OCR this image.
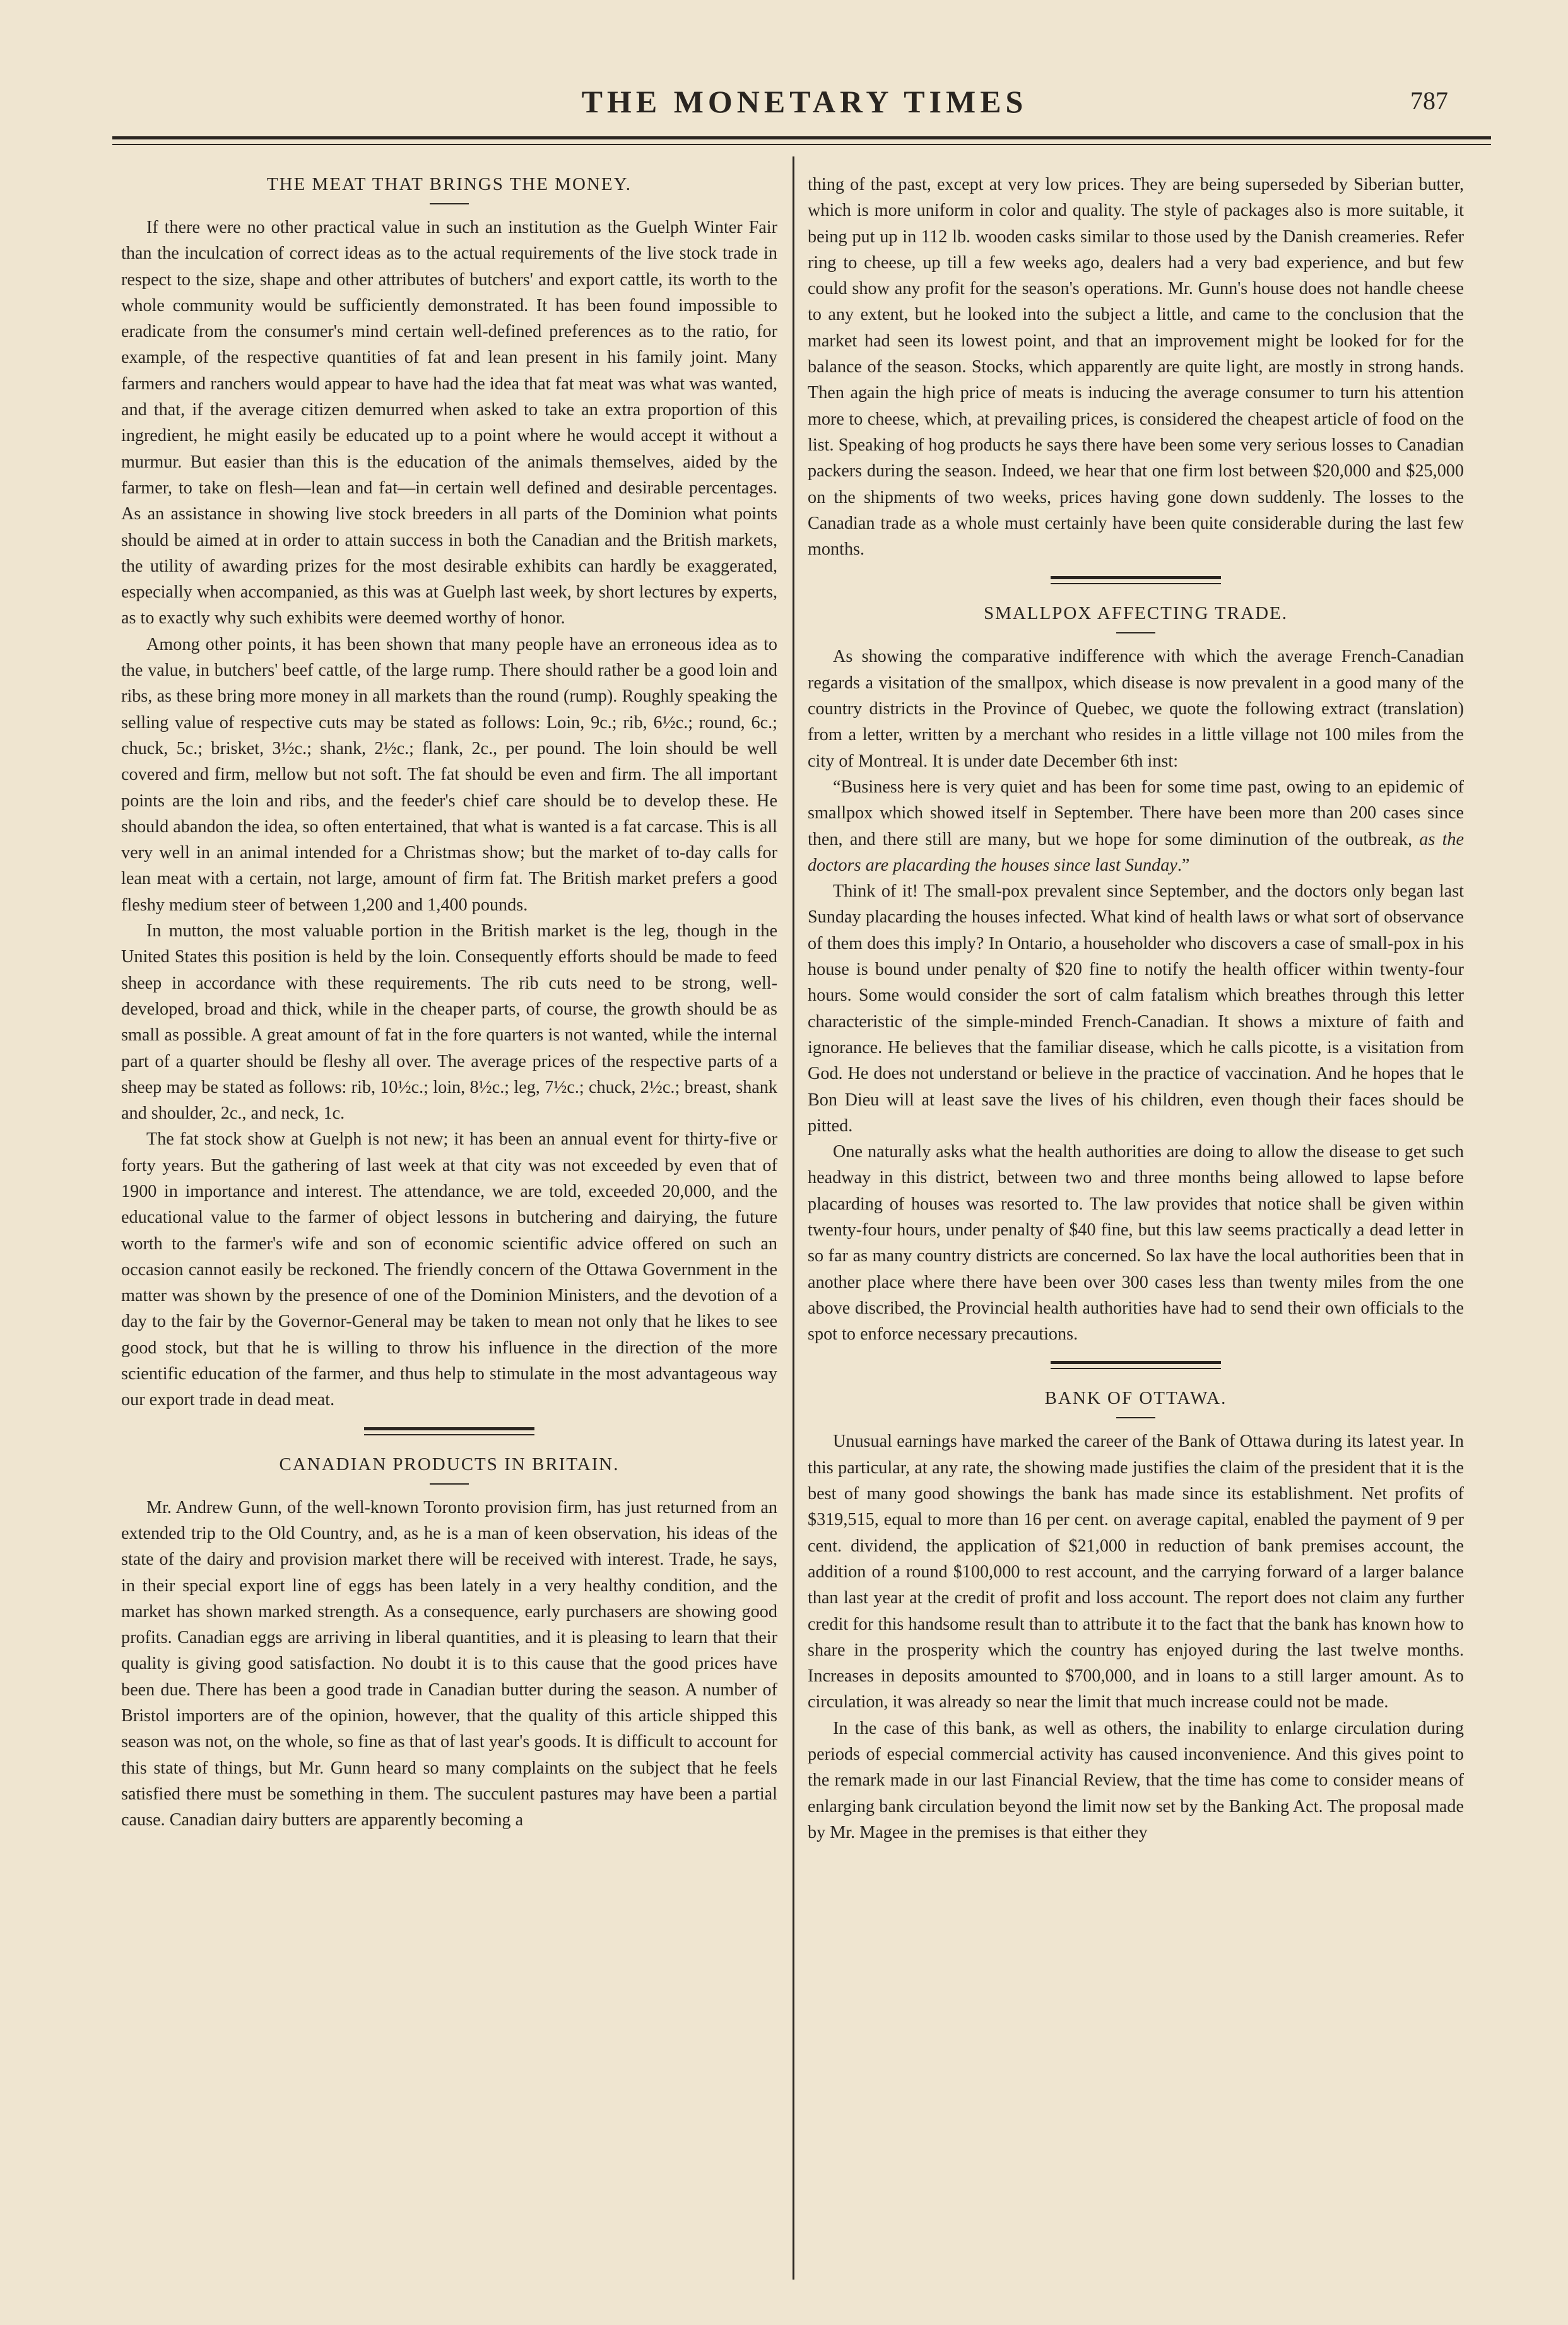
THE MONETARY TIMES	787
THE MEAT THAT BRINGS THE MONEY.

If there were no other practical value in such an institution as the Guelph Winter Fair than the inculcation of correct ideas as to the actual requirements of the live stock trade in respect to the size, shape and other attributes of butchers' and export cattle, its worth to the whole community would be sufficiently demonstrated. It has been found impossible to eradicate from the consumer's mind certain well-defined preferences as to the ratio, for example, of the respective quantities of fat and lean present in his family joint. Many farmers and ranchers would appear to have had the idea that fat meat was what was wanted, and that, if the average citizen demurred when asked to take an extra proportion of this ingredient, he might easily be educated up to a point where he would accept it without a murmur. But easier than this is the education of the animals themselves, aided by the farmer, to take on flesh—lean and fat—in certain well defined and desirable percentages. As an assistance in showing live stock breeders in all parts of the Dominion what points should be aimed at in order to attain success in both the Canadian and the British markets, the utility of awarding prizes for the most desirable exhibits can hardly be exaggerated, especially when accompanied, as this was at Guelph last week, by short lectures by experts, as to exactly why such exhibits were deemed worthy of honor.

Among other points, it has been shown that many people have an erroneous idea as to the value, in butchers' beef cattle, of the large rump. There should rather be a good loin and ribs, as these bring more money in all markets than the round (rump). Roughly speaking the selling value of respective cuts may be stated as follows: Loin, 9c.; rib, 6½c.; round, 6c.; chuck, 5c.; brisket, 3½c.; shank, 2½c.; flank, 2c., per pound. The loin should be well covered and firm, mellow but not soft. The fat should be even and firm. The all important points are the loin and ribs, and the feeder's chief care should be to develop these. He should abandon the idea, so often entertained, that what is wanted is a fat carcase. This is all very well in an animal intended for a Christmas show; but the market of to-day calls for lean meat with a certain, not large, amount of firm fat. The British market prefers a good fleshy medium steer of between 1,200 and 1,400 pounds.

In mutton, the most valuable portion in the British market is the leg, though in the United States this position is held by the loin. Consequently efforts should be made to feed sheep in accordance with these requirements. The rib cuts need to be strong, well-developed, broad and thick, while in the cheaper parts, of course, the growth should be as small as possible. A great amount of fat in the fore quarters is not wanted, while the internal part of a quarter should be fleshy all over. The average prices of the respective parts of a sheep may be stated as follows: rib, 10½c.; loin, 8½c.; leg, 7½c.; chuck, 2½c.; breast, shank and shoulder, 2c., and neck, 1c.

The fat stock show at Guelph is not new; it has been an annual event for thirty-five or forty years. But the gathering of last week at that city was not exceeded by even that of 1900 in importance and interest. The attendance, we are told, exceeded 20,000, and the educational value to the farmer of object lessons in butchering and dairying, the future worth to the farmer's wife and son of economic scientific advice offered on such an occasion cannot easily be reckoned. The friendly concern of the Ottawa Government in the matter was shown by the presence of one of the Dominion Ministers, and the devotion of a day to the fair by the Governor-General may be taken to mean not only that he likes to see good stock, but that he is willing to throw his influence in the direction of the more scientific education of the farmer, and thus help to stimulate in the most advantageous way our export trade in dead meat.

CANADIAN PRODUCTS IN BRITAIN.

Mr. Andrew Gunn, of the well-known Toronto provision firm, has just returned from an extended trip to the Old Country, and, as he is a man of keen observation, his ideas of the state of the dairy and provision market there will be received with interest. Trade, he says, in their special export line of eggs has been lately in a very healthy condition, and the market has shown marked strength. As a consequence, early purchasers are showing good profits. Canadian eggs are arriving in liberal quantities, and it is pleasing to learn that their quality is giving good satisfaction. No doubt it is to this cause that the good prices have been due. There has been a good trade in Canadian butter during the season. A number of Bristol importers are of the opinion, however, that the quality of this article shipped this season was not, on the whole, so fine as that of last year's goods. It is difficult to account for this state of things, but Mr. Gunn heard so many complaints on the subject that he feels satisfied there must be something in them. The succulent pastures may have been a partial cause. Canadian dairy butters are apparently becoming a

thing of the past, except at very low prices. They are being superseded by Siberian butter, which is more uniform in color and quality. The style of packages also is more suitable, it being put up in 112 lb. wooden casks similar to those used by the Danish creameries. Refer ring to cheese, up till a few weeks ago, dealers had a very bad experience, and but few could show any profit for the season's operations. Mr. Gunn's house does not handle cheese to any extent, but he looked into the subject a little, and came to the conclusion that the market had seen its lowest point, and that an improvement might be looked for for the balance of the season. Stocks, which apparently are quite light, are mostly in strong hands. Then again the high price of meats is inducing the average consumer to turn his attention more to cheese, which, at prevailing prices, is considered the cheapest article of food on the list. Speaking of hog products he says there have been some very serious losses to Canadian packers during the season. Indeed, we hear that one firm lost between $20,000 and $25,000 on the shipments of two weeks, prices having gone down suddenly. The losses to the Canadian trade as a whole must certainly have been quite considerable during the last few months.

SMALLPOX AFFECTING TRADE.

As showing the comparative indifference with which the average French-Canadian regards a visitation of the smallpox, which disease is now prevalent in a good many of the country districts in the Province of Quebec, we quote the following extract (translation) from a letter, written by a merchant who resides in a little village not 100 miles from the city of Montreal. It is under date December 6th inst:

“Business here is very quiet and has been for some time past, owing to an epidemic of smallpox which showed itself in September. There have been more than 200 cases since then, and there still are many, but we hope for some diminution of the outbreak, as the doctors are placarding the houses since last Sunday.”

Think of it! The small-pox prevalent since September, and the doctors only began last Sunday placarding the houses infected. What kind of health laws or what sort of observance of them does this imply? In Ontario, a householder who discovers a case of small-pox in his house is bound under penalty of $20 fine to notify the health officer within twenty-four hours. Some would consider the sort of calm fatalism which breathes through this letter characteristic of the simple-minded French-Canadian. It shows a mixture of faith and ignorance. He believes that the familiar disease, which he calls picotte, is a visitation from God. He does not understand or believe in the practice of vaccination. And he hopes that le Bon Dieu will at least save the lives of his children, even though their faces should be pitted.

One naturally asks what the health authorities are doing to allow the disease to get such headway in this district, between two and three months being allowed to lapse before placarding of houses was resorted to. The law provides that notice shall be given within twenty-four hours, under penalty of $40 fine, but this law seems practically a dead letter in so far as many country districts are concerned. So lax have the local authorities been that in another place where there have been over 300 cases less than twenty miles from the one above discribed, the Provincial health authorities have had to send their own officials to the spot to enforce necessary precautions.

BANK OF OTTAWA.

Unusual earnings have marked the career of the Bank of Ottawa during its latest year. In this particular, at any rate, the showing made justifies the claim of the president that it is the best of many good showings the bank has made since its establishment. Net profits of $319,515, equal to more than 16 per cent. on average capital, enabled the payment of 9 per cent. dividend, the application of $21,000 in reduction of bank premises account, the addition of a round $100,000 to rest account, and the carrying forward of a larger balance than last year at the credit of profit and loss account. The report does not claim any further credit for this handsome result than to attribute it to the fact that the bank has known how to share in the prosperity which the country has enjoyed during the last twelve months. Increases in deposits amounted to $700,000, and in loans to a still larger amount. As to circulation, it was already so near the limit that much increase could not be made.

In the case of this bank, as well as others, the inability to enlarge circulation during periods of especial commercial activity has caused inconvenience. And this gives point to the remark made in our last Financial Review, that the time has come to consider means of enlarging bank circulation beyond the limit now set by the Banking Act. The proposal made by Mr. Magee in the premises is that either they
